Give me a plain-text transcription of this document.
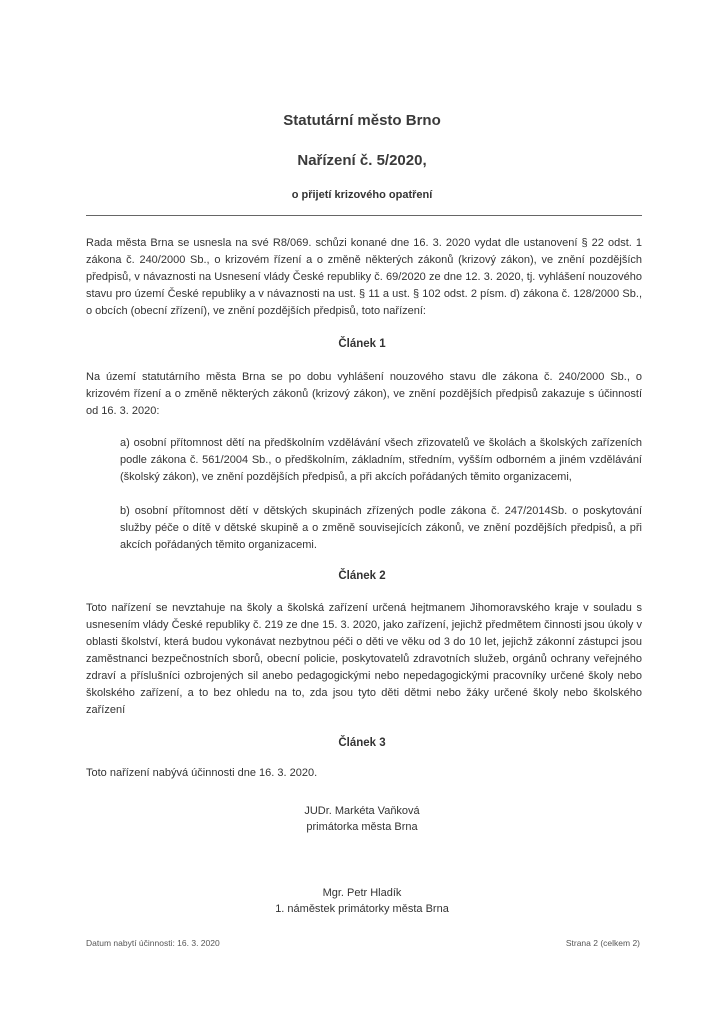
Statutární město Brno
Nařízení č. 5/2020,
o přijetí krizového opatření

Rada města Brna se usnesla na své R8/069. schůzi konané dne 16. 3. 2020 vydat dle ustanovení § 22 odst. 1 zákona č. 240/2000 Sb., o krizovém řízení a o změně některých zákonů (krizový zákon), ve znění pozdějších předpisů, v návaznosti na Usnesení vlády České republiky č. 69/2020 ze dne 12. 3. 2020, tj. vyhlášení nouzového stavu pro území České republiky a v návaznosti na ust. § 11 a ust. § 102 odst. 2 písm. d) zákona č. 128/2000 Sb., o obcích (obecní zřízení), ve znění pozdějších předpisů, toto nařízení:

Článek 1

Na území statutárního města Brna se po dobu vyhlášení nouzového stavu dle zákona č. 240/2000 Sb., o krizovém řízení a o změně některých zákonů (krizový zákon), ve znění pozdějších předpisů zakazuje s účinností od 16. 3. 2020:

a) osobní přítomnost dětí na předškolním vzdělávání všech zřizovatelů ve školách a školských zařízeních podle zákona č. 561/2004 Sb., o předškolním, základním, středním, vyšším odborném a jiném vzdělávání (školský zákon), ve znění pozdějších předpisů, a při akcích pořádaných těmito organizacemi,

b) osobní přítomnost dětí v dětských skupinách zřízených podle zákona č. 247/2014Sb. o poskytování služby péče o dítě v dětské skupině a o změně souvisejících zákonů, ve znění pozdějších předpisů, a při akcích pořádaných těmito organizacemi.

Článek 2

Toto nařízení se nevztahuje na školy a školská zařízení určená hejtmanem Jihomoravského kraje v souladu s usnesením vlády České republiky č. 219 ze dne 15. 3. 2020, jako zařízení, jejichž předmětem činnosti jsou úkoly v oblasti školství, která budou vykonávat nezbytnou péči o děti ve věku od 3 do 10 let, jejichž zákonní zástupci jsou zaměstnanci bezpečnostních sborů, obecní policie, poskytovatelů zdravotních služeb, orgánů ochrany veřejného zdraví a příslušníci ozbrojených sil anebo pedagogickými nebo nepedagogickými pracovníky určené školy nebo školského zařízení, a to bez ohledu na to, zda jsou tyto děti dětmi nebo žáky určené školy nebo školského zařízení

Článek 3

Toto nařízení nabývá účinnosti dne 16. 3. 2020.

JUDr. Markéta Vaňková
primátorka města Brna
Mgr. Petr Hladík
1. náměstek primátorky města Brna
Datum nabytí účinnosti: 16. 3. 2020	Strana 2 (celkem 2)
